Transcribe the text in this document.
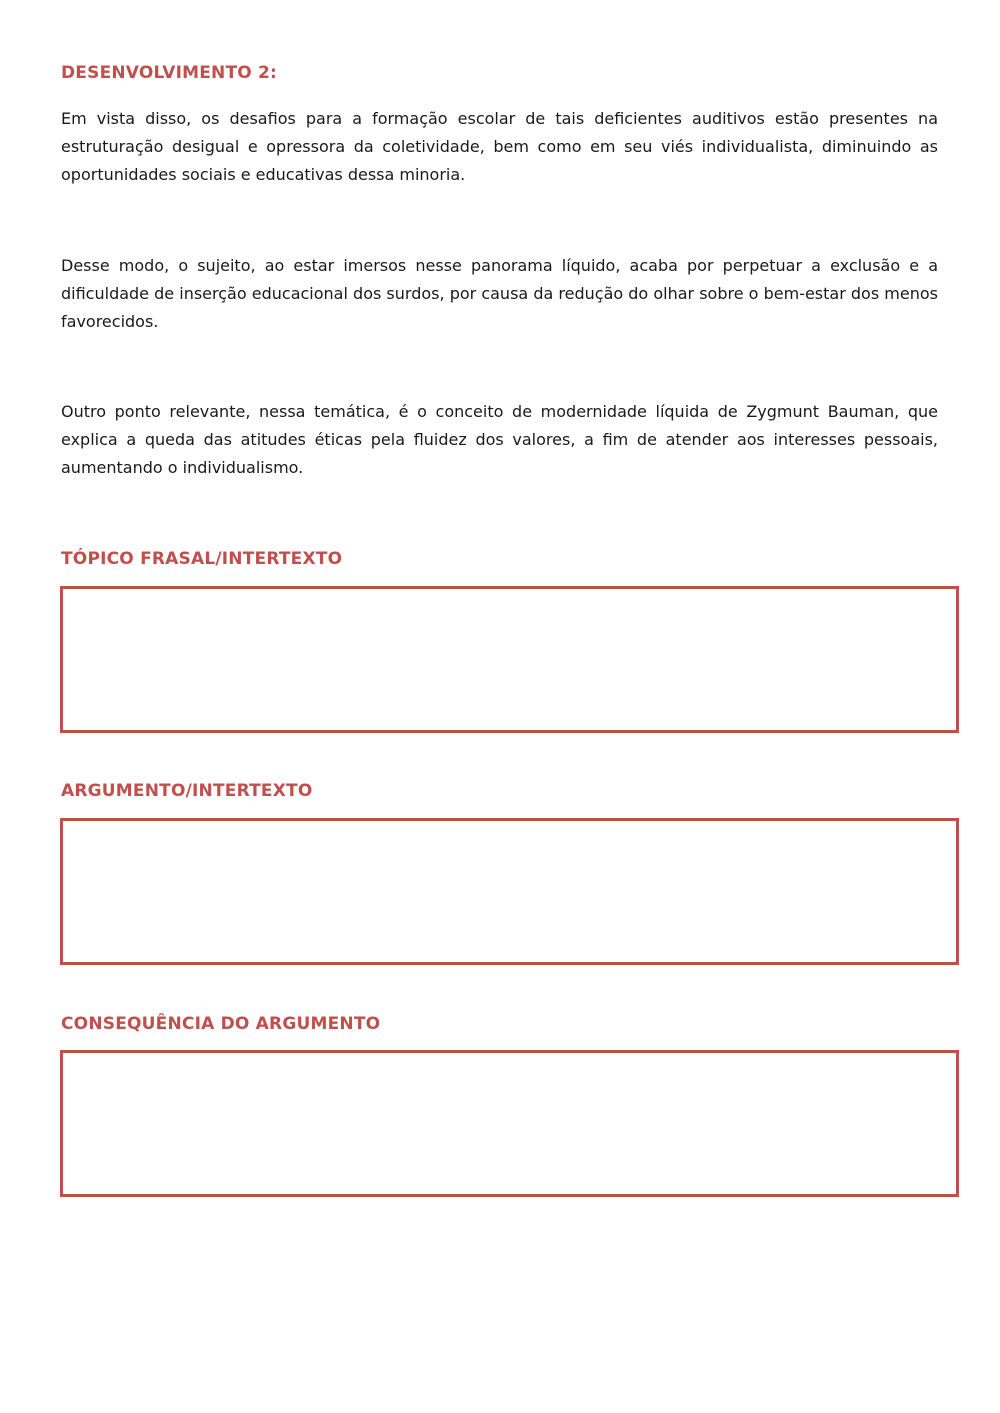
DESENVOLVIMENTO 2:

Em vista disso, os desafios para a formação escolar de tais deficientes auditivos estão presentes na estruturação desigual e opressora da coletividade, bem como em seu viés individualista, diminuindo as oportunidades sociais e educativas dessa minoria.

Desse modo, o sujeito, ao estar imersos nesse panorama líquido, acaba por perpetuar a exclusão e a dificuldade de inserção educacional dos surdos, por causa da redução do olhar sobre o bem-estar dos menos favorecidos.

Outro ponto relevante, nessa temática, é o conceito de modernidade líquida de Zygmunt Bauman, que explica a queda das atitudes éticas pela fluidez dos valores, a fim de atender aos interesses pessoais, aumentando o individualismo.

TÓPICO FRASAL/INTERTEXTO
ARGUMENTO/INTERTEXTO
CONSEQUÊNCIA DO ARGUMENTO
